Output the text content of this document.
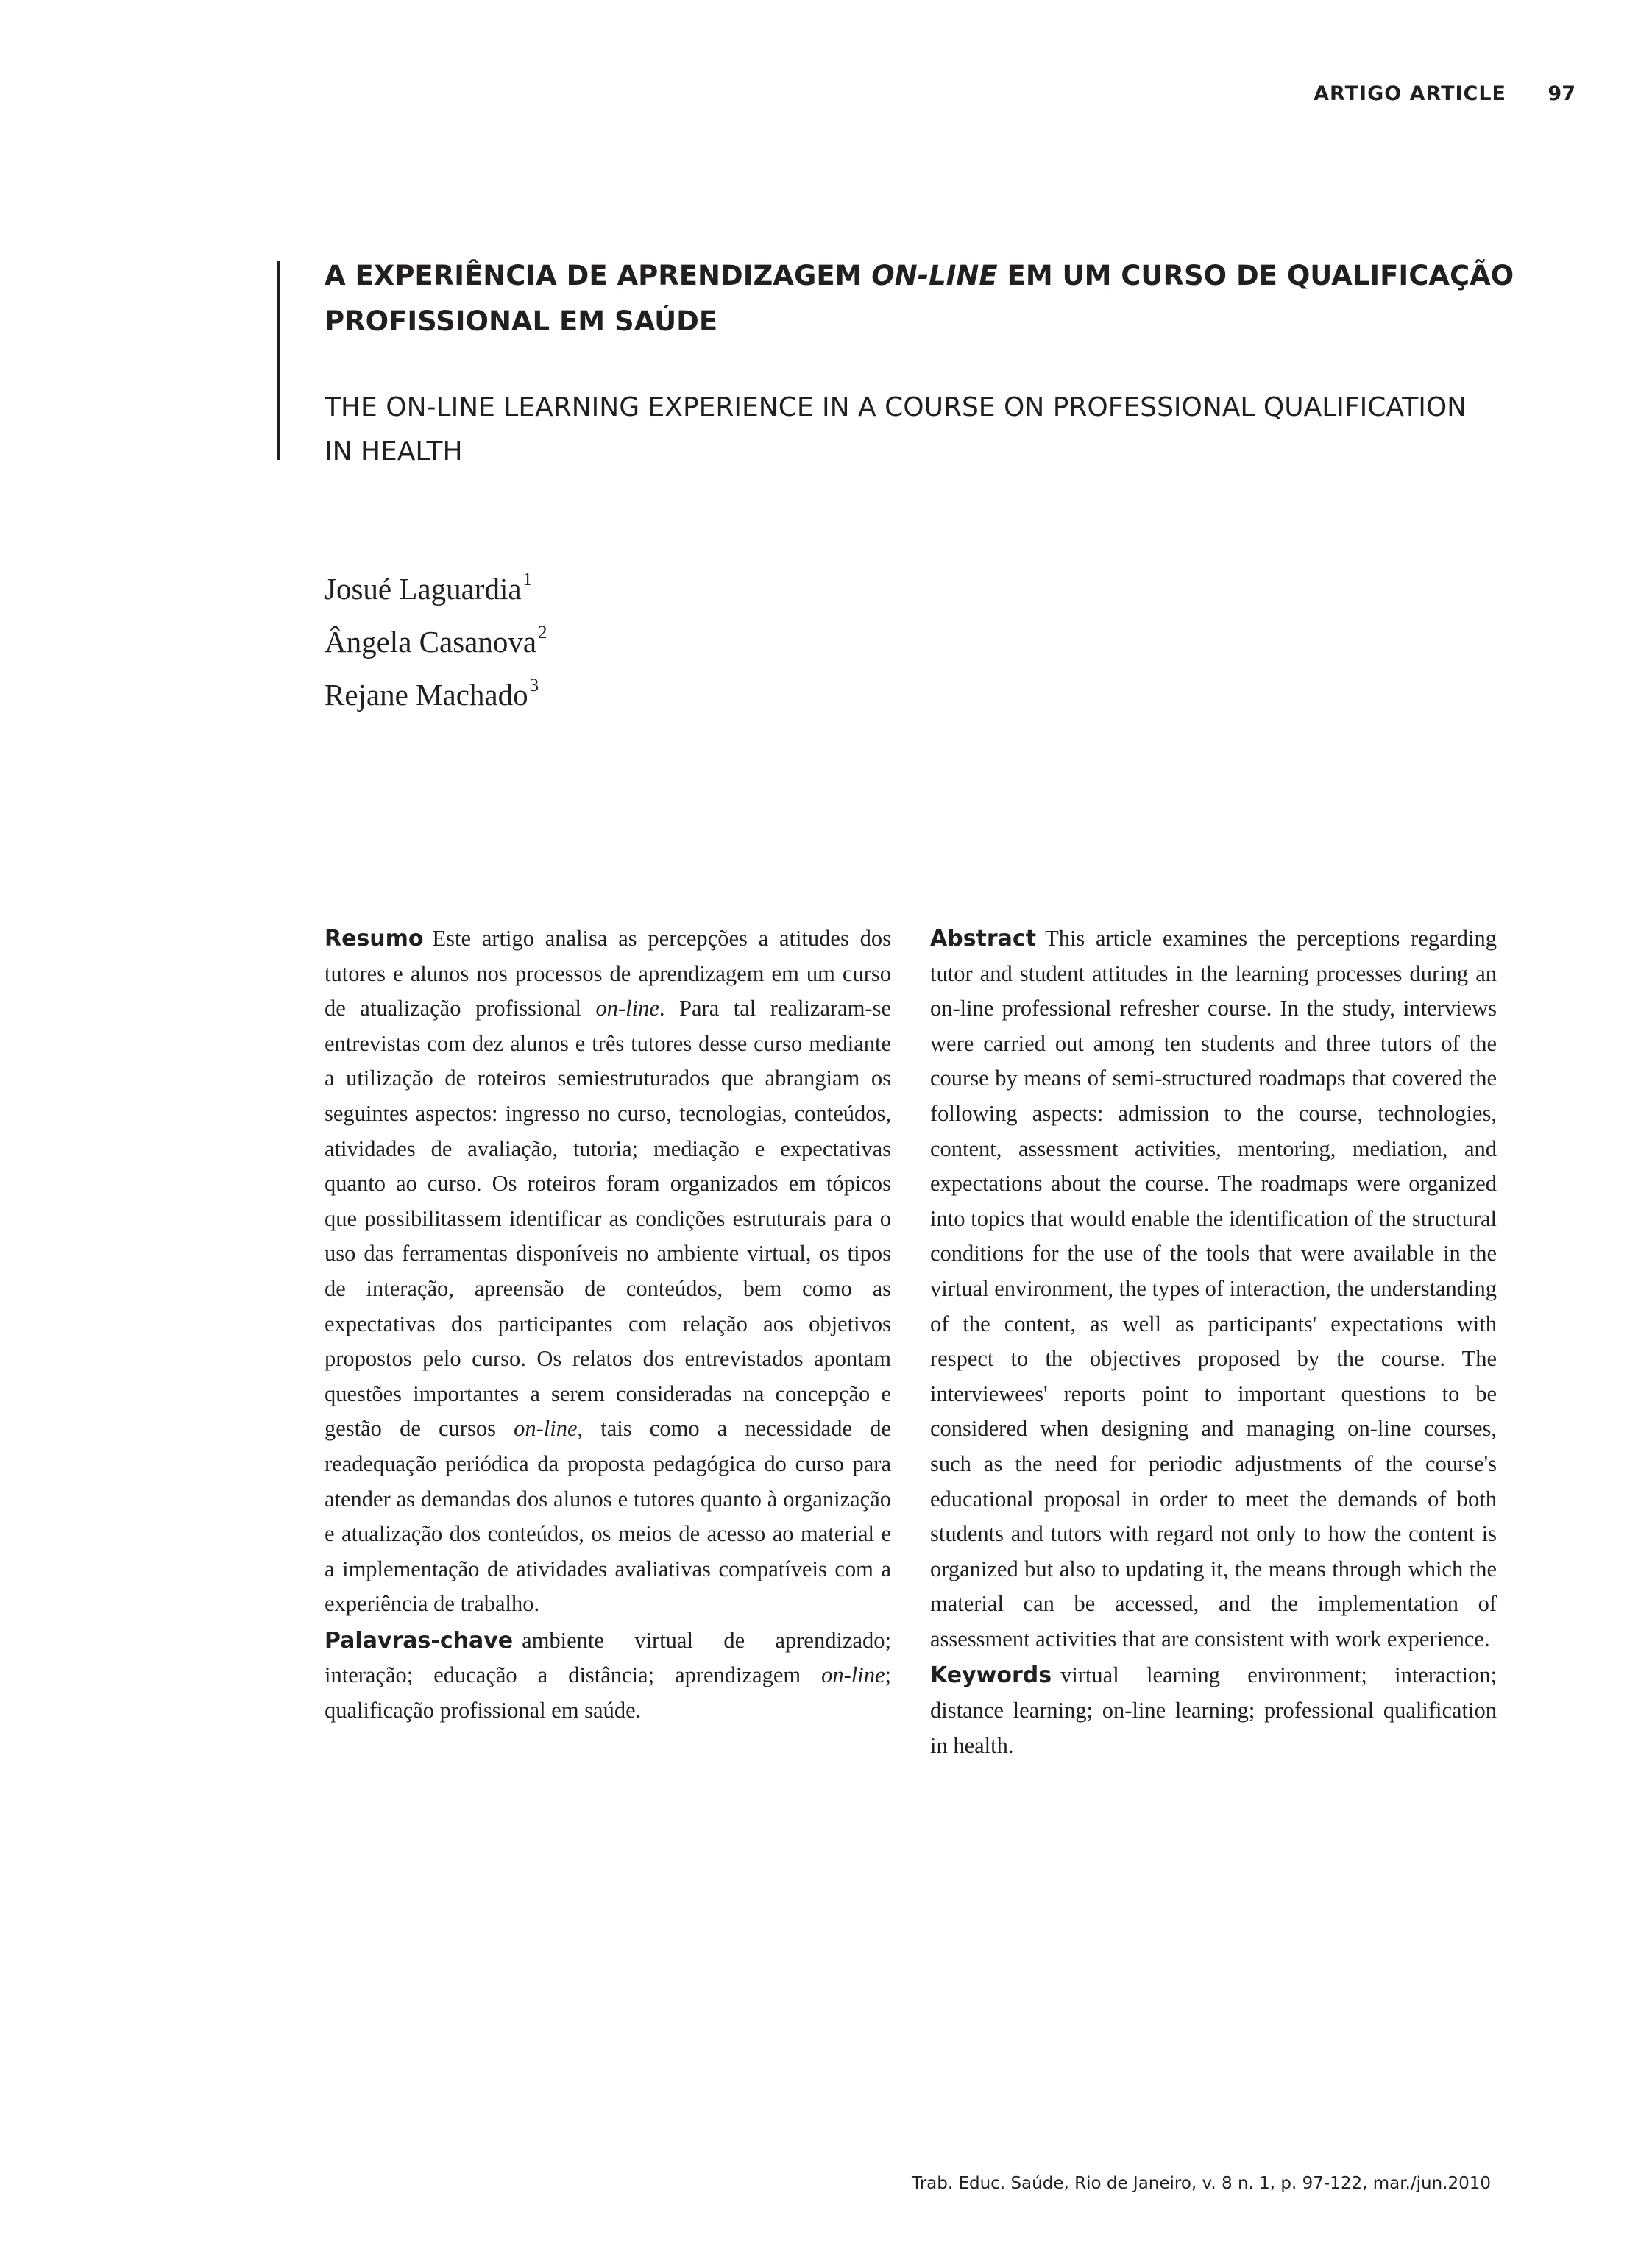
ARTIGO ARTICLE 97
A EXPERIÊNCIA DE APRENDIZAGEM ON-LINE EM UM CURSO DE QUALIFICAÇÃO PROFISSIONAL EM SAÚDE
THE ON-LINE LEARNING EXPERIENCE IN A COURSE ON PROFESSIONAL QUALIFICATION IN HEALTH
Josué Laguardia$^1$
Ângela Casanova$^2$
Rejane Machado$^3$

Resumo Este artigo analisa as percepções a atitudes dos tutores e alunos nos processos de aprendizagem em um curso de atualização profissional on-line. Para tal realizaram-se entrevistas com dez alunos e três tutores desse curso mediante a utilização de roteiros semiestruturados que abrangiam os seguintes aspectos: ingresso no curso, tecnologias, conteúdos, atividades de avaliação, tutoria; mediação e expectativas quanto ao curso. Os roteiros foram organizados em tópicos que possibilitassem identificar as condições estruturais para o uso das ferramentas disponíveis no ambiente virtual, os tipos de interação, apreensão de conteúdos, bem como as expectativas dos participantes com relação aos objetivos propostos pelo curso. Os relatos dos entrevistados apontam questões importantes a serem consideradas na concepção e gestão de cursos on-line, tais como a necessidade de readequação periódica da proposta pedagógica do curso para atender as demandas dos alunos e tutores quanto à organização e atualização dos conteúdos, os meios de acesso ao material e a implementação de atividades avaliativas compatíveis com a experiência de trabalho.

Palavras-chave ambiente virtual de aprendizado; interação; educação a distância; aprendizagem on-line; qualificação profissional em saúde.

Abstract This article examines the perceptions regarding tutor and student attitudes in the learning processes during an on-line professional refresher course. In the study, interviews were carried out among ten students and three tutors of the course by means of semi-structured roadmaps that covered the following aspects: admission to the course, technologies, content, assessment activities, mentoring, mediation, and expectations about the course. The roadmaps were organized into topics that would enable the identification of the structural conditions for the use of the tools that were available in the virtual environment, the types of interaction, the understanding of the content, as well as participants' expectations with respect to the objectives proposed by the course. The interviewees' reports point to important questions to be considered when designing and managing on-line courses, such as the need for periodic adjustments of the course's educational proposal in order to meet the demands of both students and tutors with regard not only to how the content is organized but also to updating it, the means through which the material can be accessed, and the implementation of assessment activities that are consistent with work experience.

Keywords virtual learning environment; interaction; distance learning; on-line learning; professional qualification in health.

Trab. Educ. Saúde, Rio de Janeiro, v. 8 n. 1, p. 97-122, mar./jun.2010
